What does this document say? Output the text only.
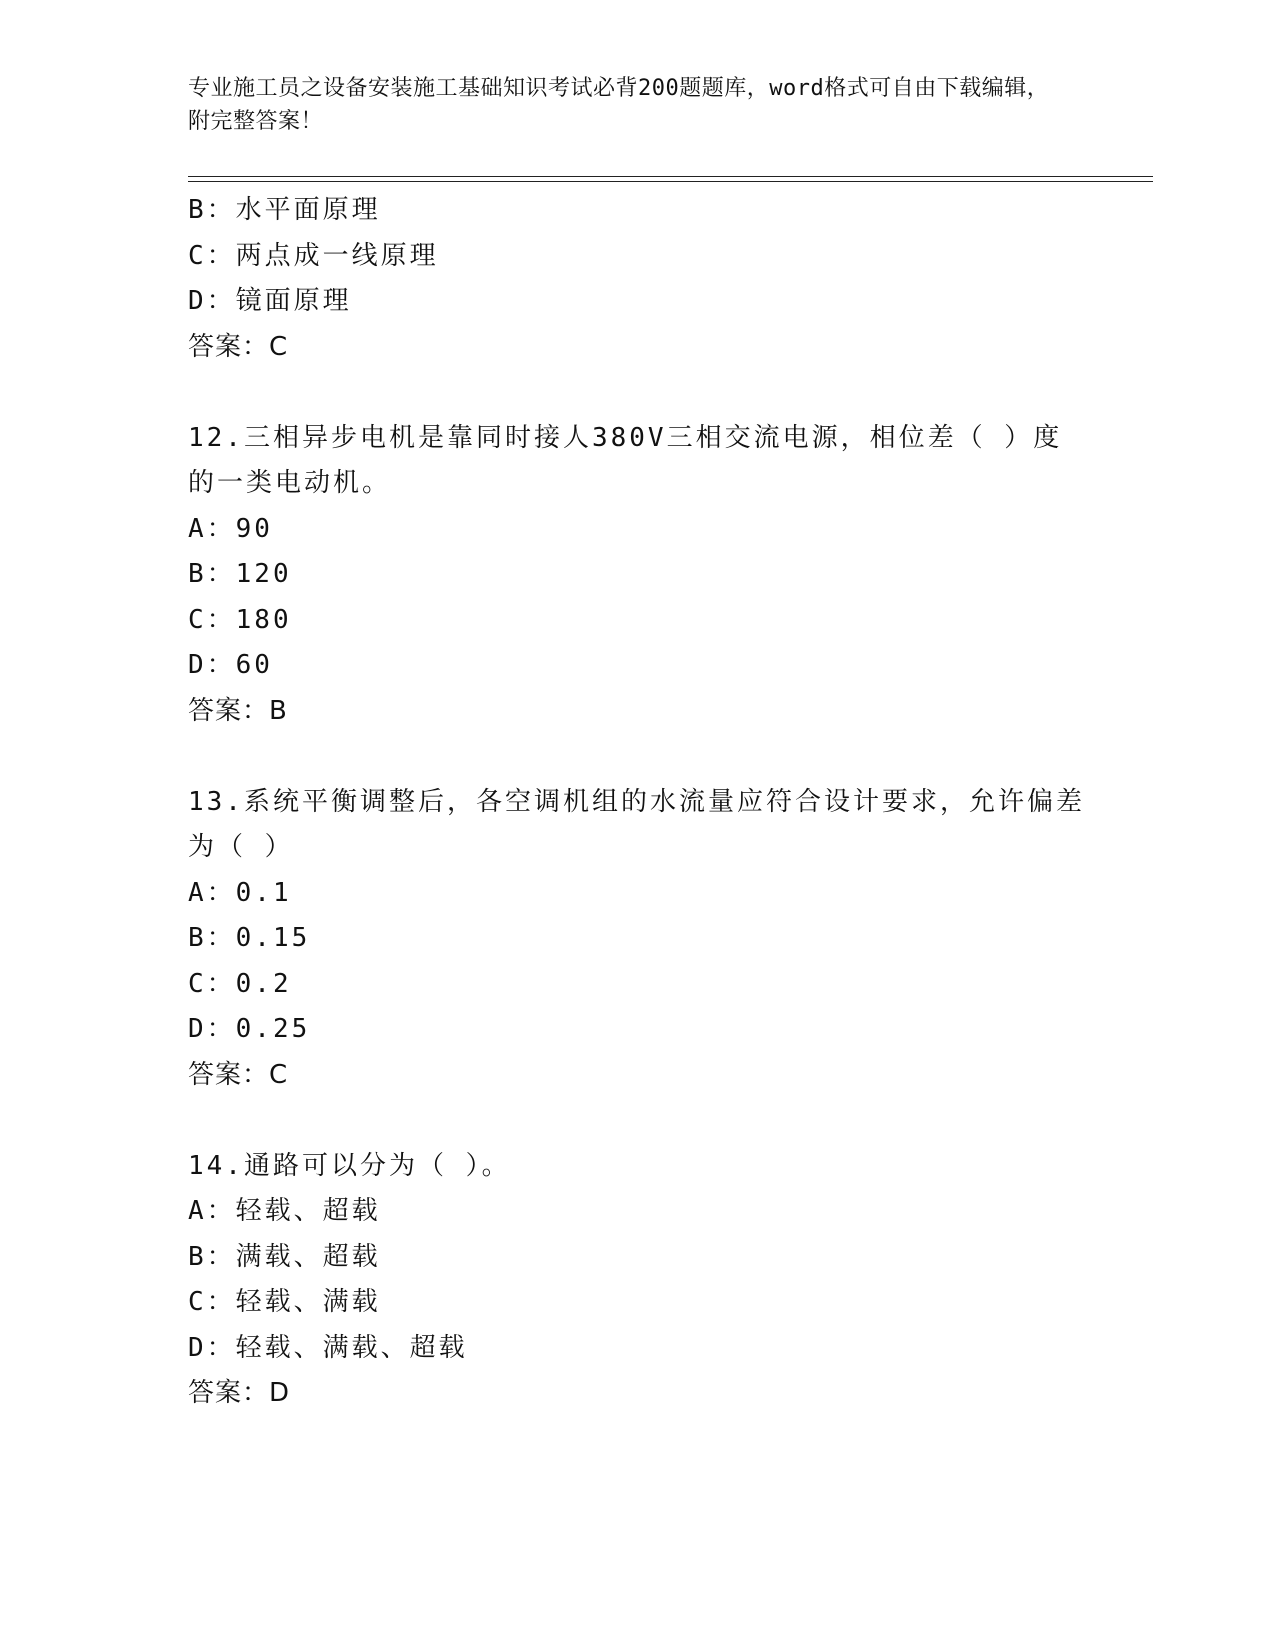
专业施工员之设备安装施工基础知识考试必背200题题库，word格式可自由下载编辑，附完整答案！
B：水平面原理
C：两点成一线原理
D：镜面原理
答案：C
12.三相异步电机是靠同时接人380V三相交流电源，相位差（ ）度的一类电动机。
A：90
B：120
C：180
D：60
答案：B
13.系统平衡调整后，各空调机组的水流量应符合设计要求，允许偏差为（ ）
A：0.1
B：0.15
C：0.2
D：0.25
答案：C
14.通路可以分为（ ）。
A：轻载、超载
B：满载、超载
C：轻载、满载
D：轻载、满载、超载
答案：D
